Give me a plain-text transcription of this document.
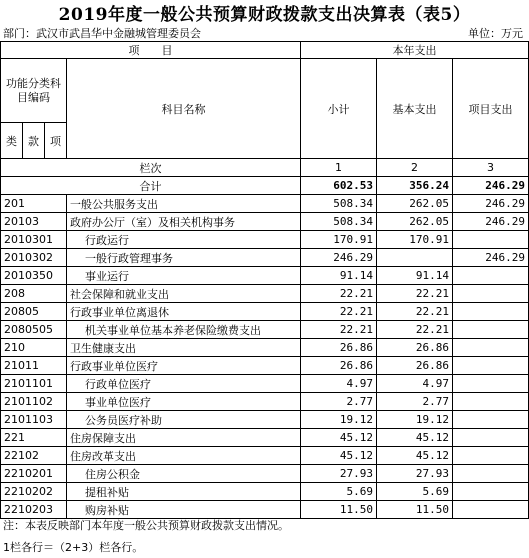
2019年度一般公共预算财政拨款支出决算表（表5）
部门：武汉市武昌华中金融城管理委员会	单位：万元
项　　目				本年支出		
功能分类科目编码			科目名称	小计	基本支出	项目支出
类	款	项				
栏次				1	2	3
合计				602.53	356.24	246.29
201			一般公共服务支出	508.34	262.05	246.29
20103			政府办公厅（室）及相关机构事务	508.34	262.05	246.29
2010301			行政运行	170.91	170.91	
2010302			一般行政管理事务	246.29		246.29
2010350			事业运行	91.14	91.14	
208			社会保障和就业支出	22.21	22.21	
20805			行政事业单位离退休	22.21	22.21	
2080505			机关事业单位基本养老保险缴费支出	22.21	22.21	
210			卫生健康支出	26.86	26.86	
21011			行政事业单位医疗	26.86	26.86	
2101101			行政单位医疗	4.97	4.97	
2101102			事业单位医疗	2.77	2.77	
2101103			公务员医疗补助	19.12	19.12	
221			住房保障支出	45.12	45.12	
22102			住房改革支出	45.12	45.12	
2210201			住房公积金	27.93	27.93	
2210202			提租补贴	5.69	5.69	
2210203			购房补贴	11.50	11.50	
注：本表反映部门本年度一般公共预算财政拨款支出情况。
1栏各行＝（2+3）栏各行。
